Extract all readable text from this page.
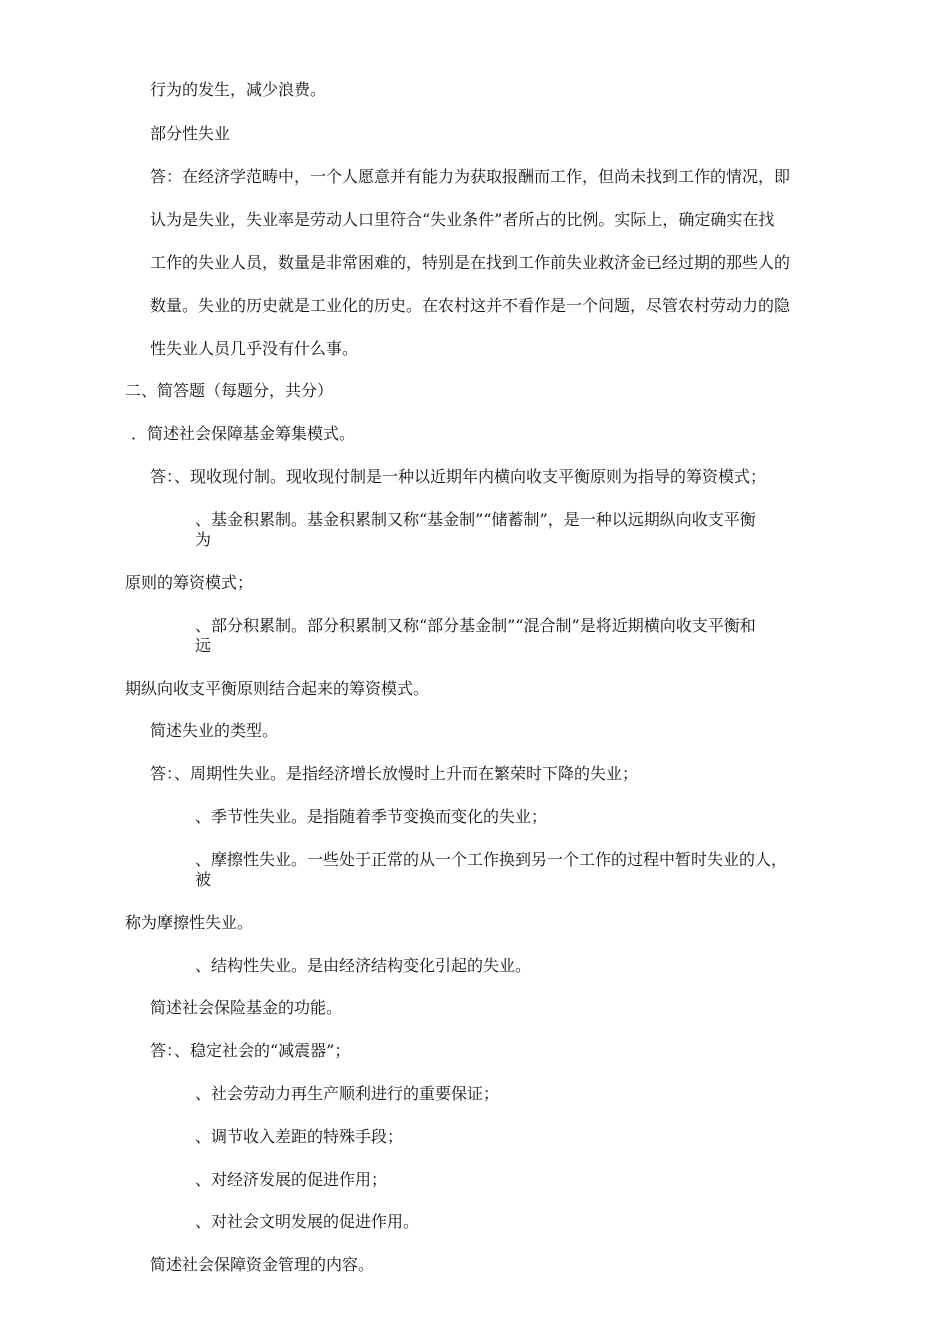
行为的发生，减少浪费。
部分性失业
答：在经济学范畴中，一个人愿意并有能力为获取报酬而工作，但尚未找到工作的情况，即
认为是失业，失业率是劳动人口里符合“失业条件”者所占的比例。实际上，确定确实在找
工作的失业人员，数量是非常困难的，特别是在找到工作前失业救济金已经过期的那些人的
数量。失业的历史就是工业化的历史。在农村这并不看作是一个问题，尽管农村劳动力的隐
性失业人员几乎没有什么事。
二、简答题（每题分，共分）
．简述社会保障基金筹集模式。
答：、现收现付制。现收现付制是一种以近期年内横向收支平衡原则为指导的筹资模式；
、基金积累制。基金积累制又称“基金制”“储蓄制”，是一种以远期纵向收支平衡
为
原则的筹资模式；
、部分积累制。部分积累制又称“部分基金制”“混合制”是将近期横向收支平衡和
远
期纵向收支平衡原则结合起来的筹资模式。
简述失业的类型。
答：、周期性失业。是指经济增长放慢时上升而在繁荣时下降的失业；
、季节性失业。是指随着季节变换而变化的失业；
、摩擦性失业。一些处于正常的从一个工作换到另一个工作的过程中暂时失业的人，
被
称为摩擦性失业。
、结构性失业。是由经济结构变化引起的失业。
简述社会保险基金的功能。
答：、稳定社会的“减震器”；
、社会劳动力再生产顺利进行的重要保证；
、调节收入差距的特殊手段；
、对经济发展的促进作用；
、对社会文明发展的促进作用。
简述社会保障资金管理的内容。
